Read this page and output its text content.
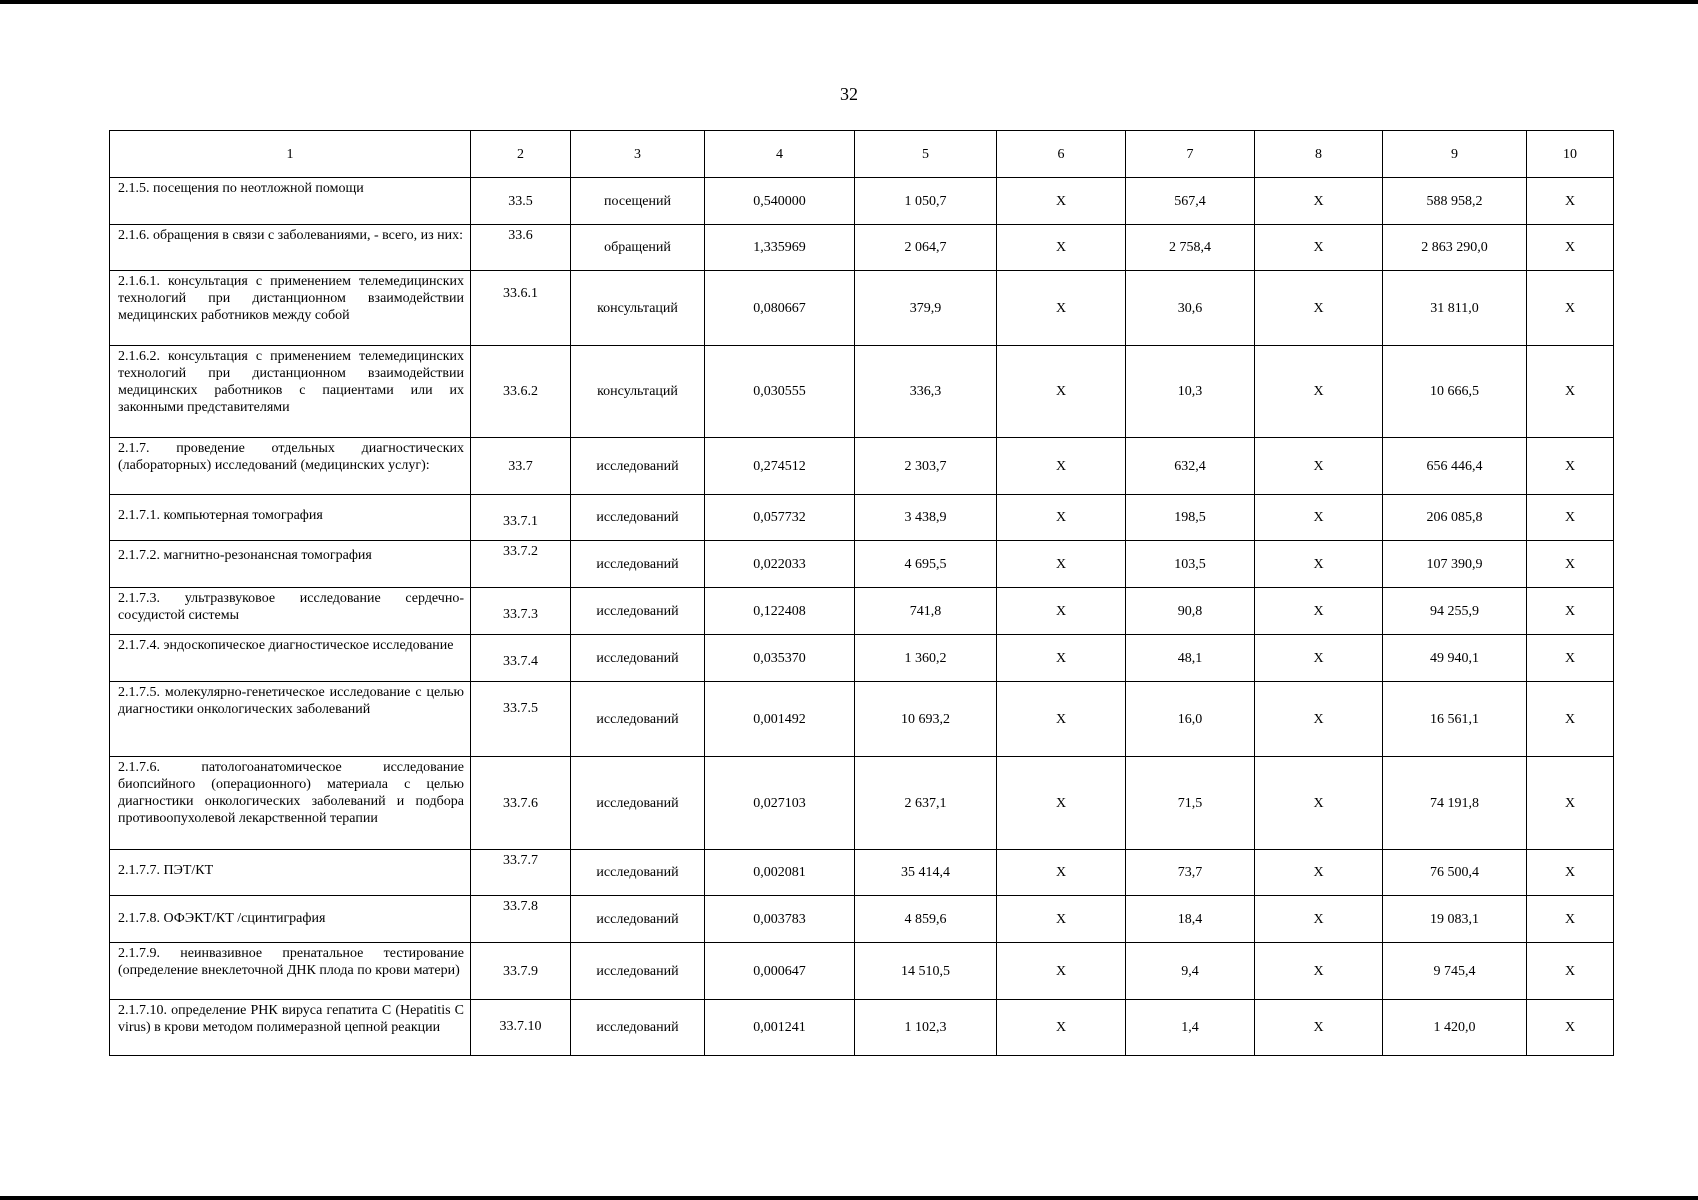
32
1	2	3	4	5	6	7	8	9	10
2.1.5. посещения по неотложной помощи	33.5	посещений	0,540000	1 050,7	X	567,4	X	588 958,2	X
2.1.6. обращения в связи с заболеваниями, - всего, из них:	33.6	обращений	1,335969	2 064,7	X	2 758,4	X	2 863 290,0	X
2.1.6.1. консультация с применением телемедицинских технологий при дистанционном взаимодействии медицинских работников между собой	33.6.1	консультаций	0,080667	379,9	X	30,6	X	31 811,0	X
2.1.6.2. консультация с применением телемедицинских технологий при дистанционном взаимодействии медицинских работников с пациентами или их законными представителями	33.6.2	консультаций	0,030555	336,3	X	10,3	X	10 666,5	X
2.1.7. проведение отдельных диагностических (лабораторных) исследований (медицинских услуг):	33.7	исследований	0,274512	2 303,7	X	632,4	X	656 446,4	X
2.1.7.1. компьютерная томография	33.7.1	исследований	0,057732	3 438,9	X	198,5	X	206 085,8	X
2.1.7.2. магнитно-резонансная томография	33.7.2	исследований	0,022033	4 695,5	X	103,5	X	107 390,9	X
2.1.7.3. ультразвуковое исследование сердечно-сосудистой системы	33.7.3	исследований	0,122408	741,8	X	90,8	X	94 255,9	X
2.1.7.4. эндоскопическое диагностическое исследование	33.7.4	исследований	0,035370	1 360,2	X	48,1	X	49 940,1	X
2.1.7.5. молекулярно-генетическое исследование с целью диагностики онкологических заболеваний	33.7.5	исследований	0,001492	10 693,2	X	16,0	X	16 561,1	X
2.1.7.6. патологоанатомическое исследование биопсийного (операционного) материала с целью диагностики онкологических заболеваний и подбора противоопухолевой лекарственной терапии	33.7.6	исследований	0,027103	2 637,1	X	71,5	X	74 191,8	X
2.1.7.7. ПЭТ/КТ	33.7.7	исследований	0,002081	35 414,4	X	73,7	X	76 500,4	X
2.1.7.8. ОФЭКТ/КТ /сцинтиграфия	33.7.8	исследований	0,003783	4 859,6	X	18,4	X	19 083,1	X
2.1.7.9. неинвазивное пренатальное тестирование (определение внеклеточной ДНК плода по крови матери)	33.7.9	исследований	0,000647	14 510,5	X	9,4	X	9 745,4	X
2.1.7.10. определение РНК вируса гепатита С (Hepatitis C virus) в крови методом полимеразной цепной реакции	33.7.10	исследований	0,001241	1 102,3	X	1,4	X	1 420,0	X
